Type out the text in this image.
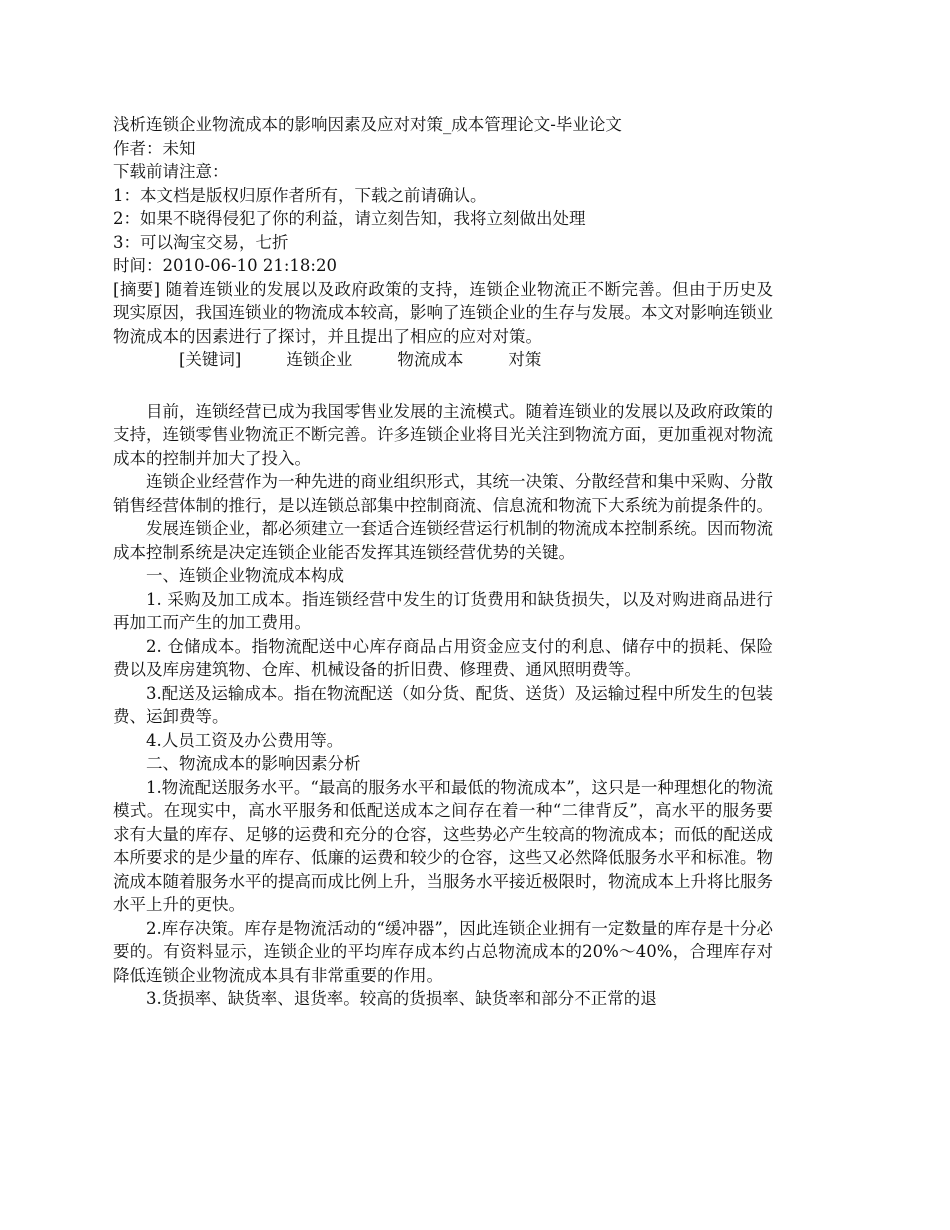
浅析连锁企业物流成本的影响因素及应对对策_成本管理论文-毕业论文
作者：未知
下载前请注意：
1：本文档是版权归原作者所有，下载之前请确认。
2：如果不晓得侵犯了你的利益，请立刻告知，我将立刻做出处理
3：可以淘宝交易，七折
时间：2010-06-10 21:18:20
[摘要] 随着连锁业的发展以及政府政策的支持，连锁企业物流正不断完善。但由于历史及现实原因，我国连锁业的物流成本较高，影响了连锁企业的生存与发展。本文对影响连锁业物流成本的因素进行了探讨，并且提出了相应的应对对策。
[关键词]	连锁企业	物流成本	对策
目前，连锁经营已成为我国零售业发展的主流模式。随着连锁业的发展以及政府政策的支持，连锁零售业物流正不断完善。许多连锁企业将目光关注到物流方面，更加重视对物流成本的控制并加大了投入。
连锁企业经营作为一种先进的商业组织形式，其统一决策、分散经营和集中采购、分散销售经营体制的推行，是以连锁总部集中控制商流、信息流和物流下大系统为前提条件的。
发展连锁企业，都必须建立一套适合连锁经营运行机制的物流成本控制系统。因而物流成本控制系统是决定连锁企业能否发挥其连锁经营优势的关键。
一、连锁企业物流成本构成
1. 采购及加工成本。指连锁经营中发生的订货费用和缺货损失，以及对购进商品进行再加工而产生的加工费用。
2. 仓储成本。指物流配送中心库存商品占用资金应支付的利息、储存中的损耗、保险费以及库房建筑物、仓库、机械设备的折旧费、修理费、通风照明费等。
3.配送及运输成本。指在物流配送（如分货、配货、送货）及运输过程中所发生的包装费、运卸费等。
4.人员工资及办公费用等。
二、物流成本的影响因素分析
1.物流配送服务水平。“最高的服务水平和最低的物流成本”，这只是一种理想化的物流模式。在现实中，高水平服务和低配送成本之间存在着一种“二律背反”，高水平的服务要求有大量的库存、足够的运费和充分的仓容，这些势必产生较高的物流成本；而低的配送成本所要求的是少量的库存、低廉的运费和较少的仓容，这些又必然降低服务水平和标准。物流成本随着服务水平的提高而成比例上升，当服务水平接近极限时，物流成本上升将比服务水平上升的更快。
2.库存决策。库存是物流活动的“缓冲器”，因此连锁企业拥有一定数量的库存是十分必要的。有资料显示，连锁企业的平均库存成本约占总物流成本的20%～40%，合理库存对降低连锁企业物流成本具有非常重要的作用。
3.货损率、缺货率、退货率。较高的货损率、缺货率和部分不正常的退
